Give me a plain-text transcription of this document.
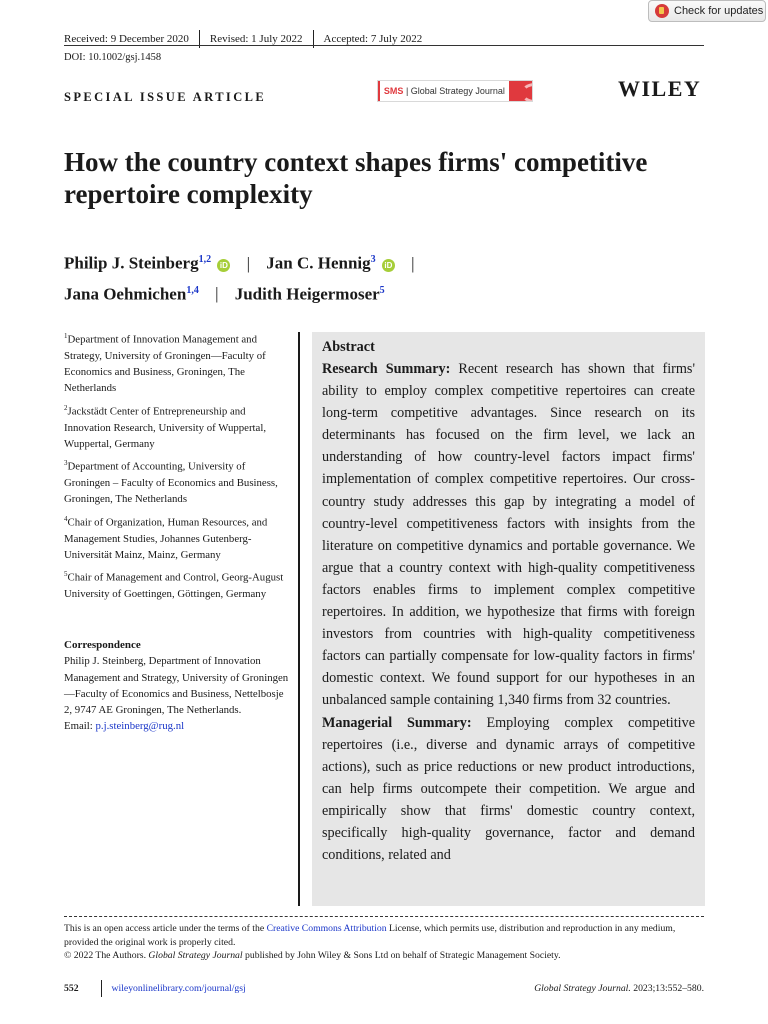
Check for updates
Received: 9 December 2020 Revised: 1 July 2022 Accepted: 7 July 2022
DOI: 10.1002/gsj.1458
SPECIAL ISSUE ARTICLE	SMS | Global Strategy Journal	WILEY
How the country context shapes firms' competitive repertoire complexity
Philip J. Steinberg$^{1,2}$ iD | Jan C. Hennig$^3$ iD |
Jana Oehmichen$^{1,4}$ | Judith Heigermoser$^5$

$^1$Department of Innovation Management and Strategy, University of Groningen—Faculty of Economics and Business, Groningen, The Netherlands

$^2$Jackstädt Center of Entrepreneurship and Innovation Research, University of Wuppertal, Wuppertal, Germany

$^3$Department of Accounting, University of Groningen – Faculty of Economics and Business, Groningen, The Netherlands

$^4$Chair of Organization, Human Resources, and Management Studies, Johannes Gutenberg-Universität Mainz, Mainz, Germany

$^5$Chair of Management and Control, Georg-August University of Goettingen, Göttingen, Germany

Correspondence

Philip J. Steinberg, Department of Innovation Management and Strategy, University of Groningen—Faculty of Economics and Business, Nettelbosje 2, 9747 AE Groningen, The Netherlands.
Email: p.j.steinberg@rug.nl

Abstract

Research Summary: Recent research has shown that firms' ability to employ complex competitive repertoires can create long-term competitive advantages. Since research on its determinants has focused on the firm level, we lack an understanding of how country-level factors impact firms' implementation of complex competitive repertoires. Our cross-country study addresses this gap by integrating a model of country-level competitiveness factors with insights from the literature on competitive dynamics and portable governance. We argue that a country context with high-quality competitiveness factors enables firms to implement complex competitive repertoires. In addition, we hypothesize that firms with foreign investors from countries with high-quality competitiveness factors can partially compensate for low-quality factors in firms' domestic context. We found support for our hypotheses in an unbalanced sample containing 1,340 firms from 32 countries.

Managerial Summary: Employing complex competitive repertoires (i.e., diverse and dynamic arrays of competitive actions), such as price reductions or new product introductions, can help firms outcompete their competition. We argue and empirically show that firms' domestic country context, specifically high-quality governance, factor and demand conditions, related and

This is an open access article under the terms of the Creative Commons Attribution License, which permits use, distribution and reproduction in any medium, provided the original work is properly cited.

© 2022 The Authors. Global Strategy Journal published by John Wiley & Sons Ltd on behalf of Strategic Management Society.

552	wileyonlinelibrary.com/journal/gsj	Global Strategy Journal. 2023;13:552–580.
